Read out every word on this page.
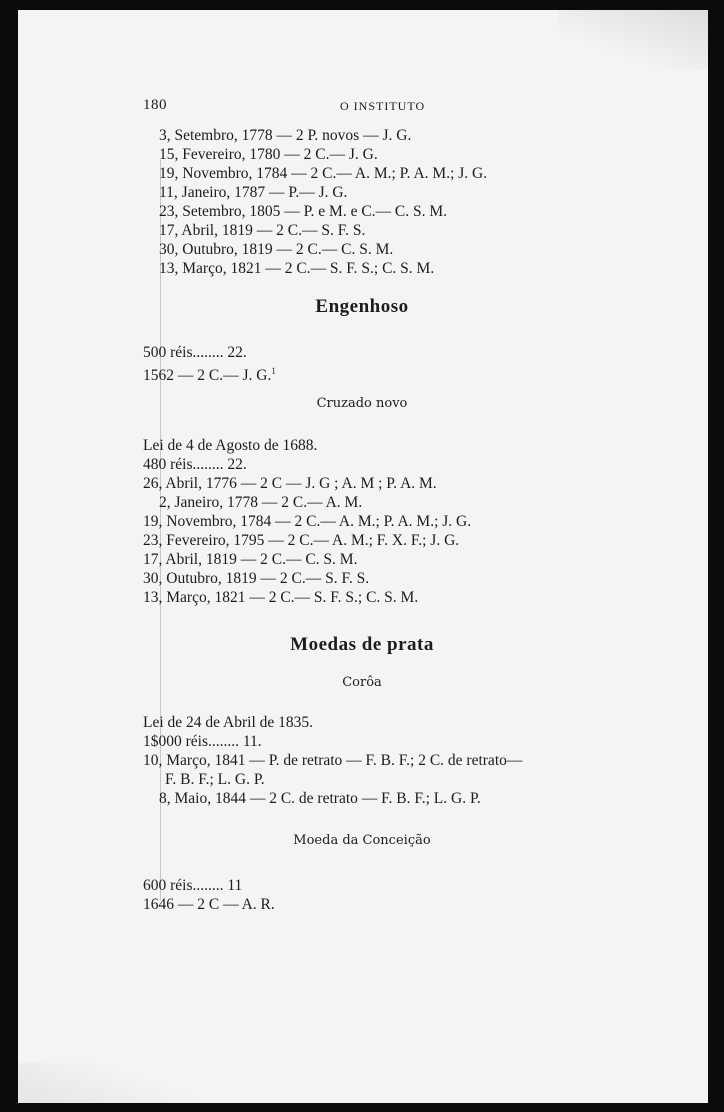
180	O INSTITUTO
3, Setembro, 1778 — 2 P. novos — J. G.
15, Fevereiro, 1780 — 2 C.— J. G.
19, Novembro, 1784 — 2 C.— A. M.; P. A. M.; J. G.
11, Janeiro, 1787 — P.— J. G.
23, Setembro, 1805 — P. e M. e C.— C. S. M.
17, Abril, 1819 — 2 C.— S. F. S.
30, Outubro, 1819 — 2 C.— C. S. M.
13, Março, 1821 — 2 C.— S. F. S.; C. S. M.
Engenhoso
500 réis........ 22.
1562 — 2 C.— J. G.$^1$
Cruzado novo
Lei de 4 de Agosto de 1688.
480 réis........ 22.
26, Abril, 1776 — 2 C — J. G ; A. M ; P. A. M.
2, Janeiro, 1778 — 2 C.— A. M.
19, Novembro, 1784 — 2 C.— A. M.; P. A. M.; J. G.
23, Fevereiro, 1795 — 2 C.— A. M.; F. X. F.; J. G.
17, Abril, 1819 — 2 C.— C. S. M.
30, Outubro, 1819 — 2 C.— S. F. S.
13, Março, 1821 — 2 C.— S. F. S.; C. S. M.
Moedas de prata
Corôa
Lei de 24 de Abril de 1835.
1$000 réis........ 11.
10, Março, 1841 — P. de retrato — F. B. F.; 2 C. de retrato—
F. B. F.; L. G. P.
8, Maio, 1844 — 2 C. de retrato — F. B. F.; L. G. P.
Moeda da Conceição
600 réis........ 11
1646 — 2 C — A. R.
